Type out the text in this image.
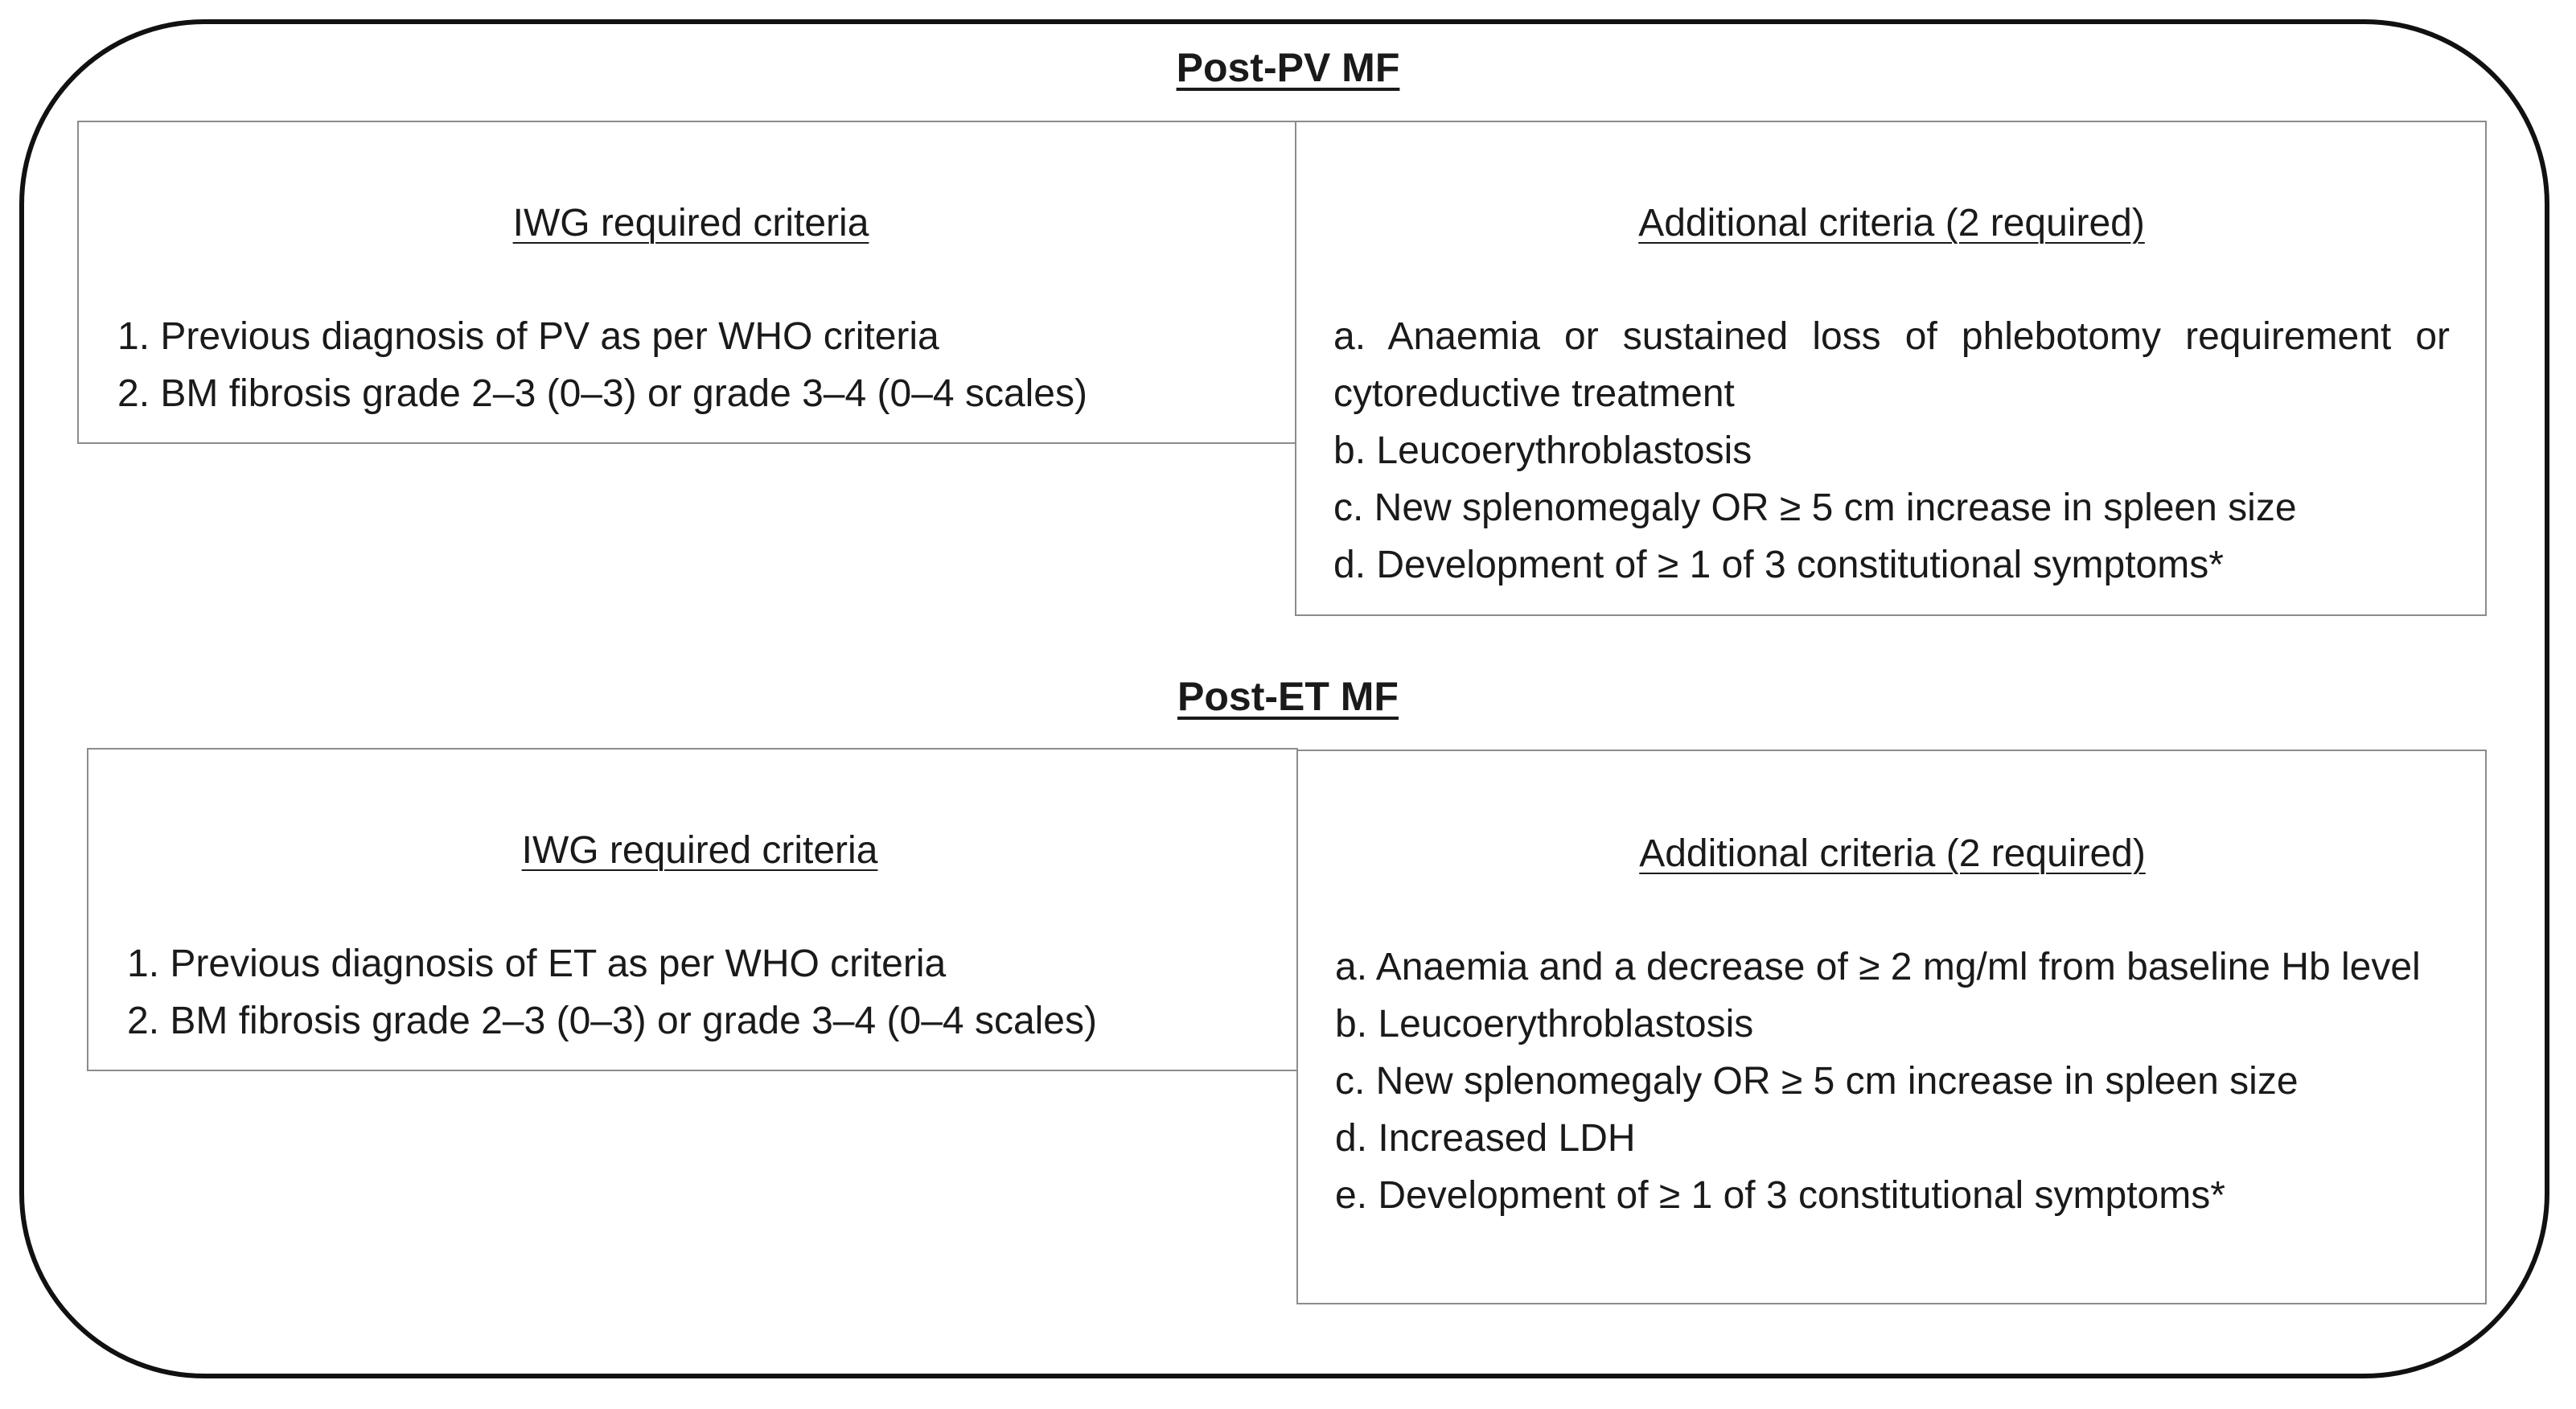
Post-PV MF
IWG required criteria
1. Previous diagnosis of PV as per WHO criteria
2. BM fibrosis grade 2–3 (0–3) or grade 3–4 (0–4 scales)
Additional criteria (2 required)
a. Anaemia or sustained loss of phlebotomy requirement or cytoreductive treatment
b. Leucoerythroblastosis
c. New splenomegaly OR ≥ 5 cm increase in spleen size
d. Development of ≥ 1 of 3 constitutional symptoms*
Post-ET MF
IWG required criteria
1. Previous diagnosis of ET as per WHO criteria
2. BM fibrosis grade 2–3 (0–3) or grade 3–4 (0–4 scales)
Additional criteria (2 required)
a. Anaemia and a decrease of ≥ 2 mg/ml from baseline Hb level
b. Leucoerythroblastosis
c. New splenomegaly OR ≥ 5 cm increase in spleen size
d. Increased LDH
e. Development of ≥ 1 of 3 constitutional symptoms*
